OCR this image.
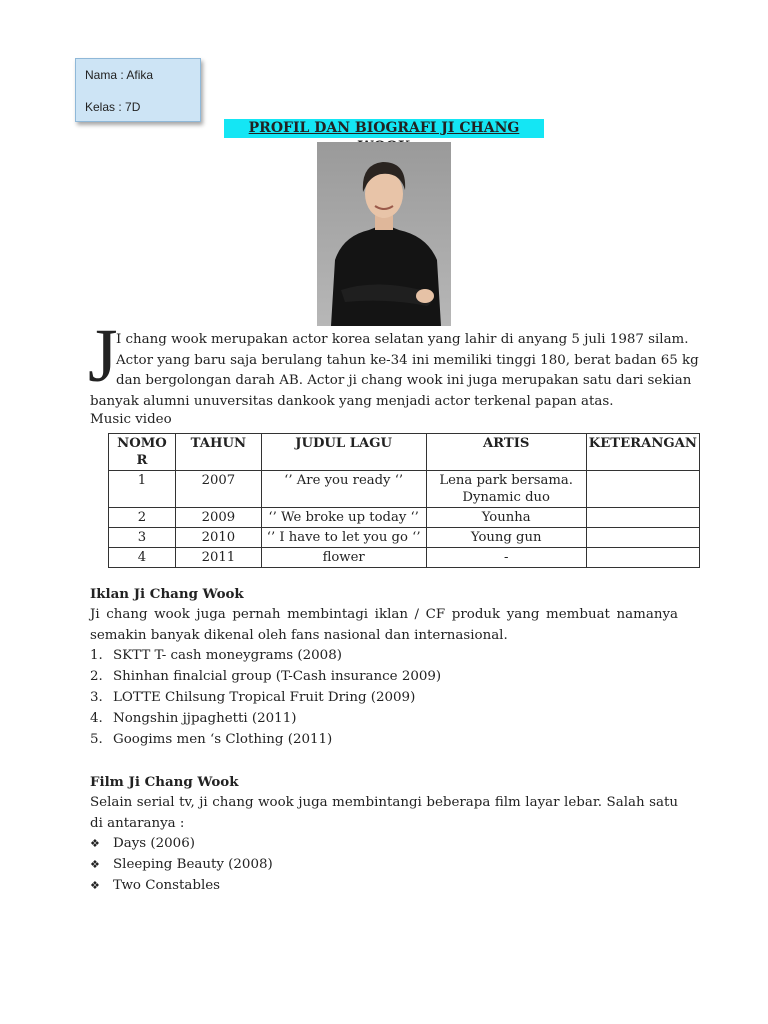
Nama : Afika
Kelas : 7D
PROFIL DAN BIOGRAFI JI CHANG
J
I chang wook merupakan actor korea selatan yang lahir di anyang 5 juli 1987 silam.
Actor yang baru saja berulang tahun ke-34 ini memiliki tinggi 180, berat badan 65 kg
dan bergolongan darah AB. Actor ji chang wook ini juga merupakan satu dari sekian
banyak alumni unuversitas dankook yang menjadi actor terkenal papan atas.
Music video
NOMO R	TAHUN	JUDUL LAGU	ARTIS	KETERANGAN
1	2007	‘’ Are you ready ‘’	Lena park bersama. Dynamic duo	
2	2009	‘’ We broke up today ‘’	Younha	
3	2010	‘’ I have to let you go ‘’	Young gun	
4	2011	flower	-	
Iklan Ji Chang Wook
Ji chang wook juga pernah membintagi iklan / CF produk yang membuat namanya semakin banyak dikenal oleh fans nasional dan internasional.
1. SKTT T- cash moneygrams (2008)
2. Shinhan finalcial group (T-Cash insurance 2009)
3. LOTTE Chilsung Tropical Fruit Dring (2009)
4. Nongshin jjpaghetti (2011)
5. Googims men ‘s Clothing (2011)
Film Ji Chang Wook
Selain serial tv, ji chang wook juga membintangi beberapa film layar lebar. Salah satu di antaranya :
❖ Days (2006)
❖ Sleeping Beauty (2008)
❖ Two Constables
